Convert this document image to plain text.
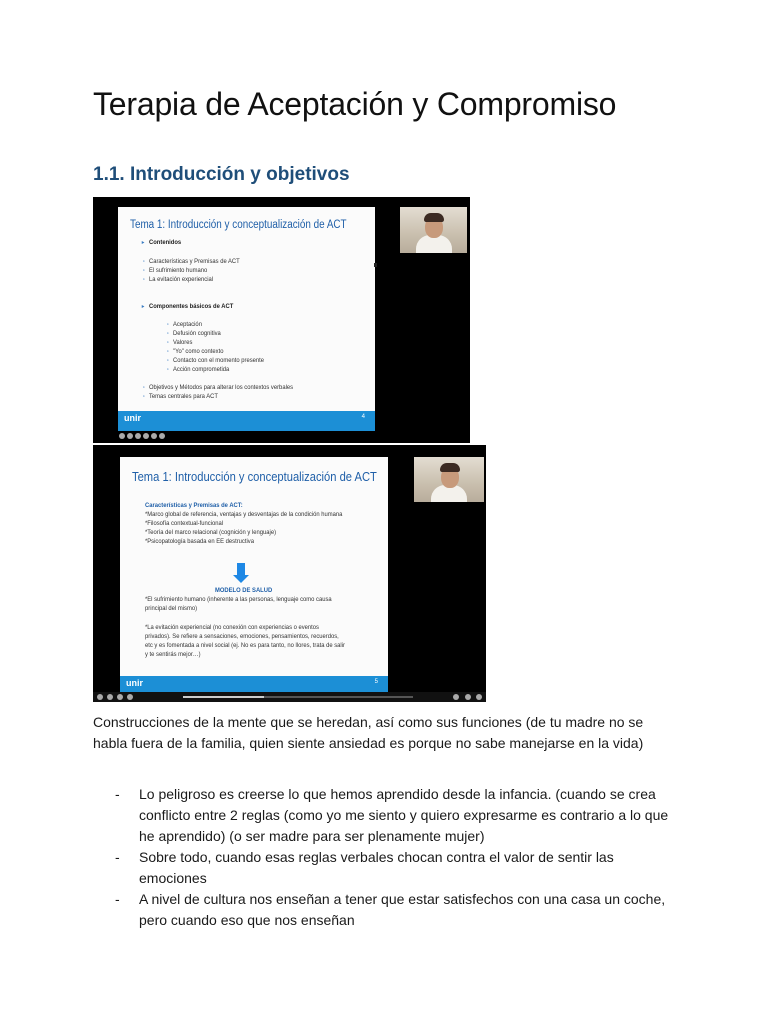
Terapia de Aceptación y Compromiso
1.1. Introducción y objetivos
Tema 1: Introducción y conceptualización de ACT
▸ Contenidos
▫ Características y Premisas de ACT
▫ El sufrimiento humano
▫ La evitación experiencial
▸ Componentes básicos de ACT
▫ Aceptación
▫ Defusión cognitiva
▫ Valores
▫ "Yo" como contexto
▫ Contacto con el momento presente
▫ Acción comprometida
▫ Objetivos y Métodos para alterar los contextos verbales
▫ Temas centrales para ACT
unir	4
Tema 1: Introducción y conceptualización de ACT
Características y Premisas de ACT:
*Marco global de referencia, ventajas y desventajas de la condición humana
*Filosofía contextual-funcional
*Teoría del marco relacional (cognición y lenguaje)
*Psicopatología basada en EE destructiva
MODELO DE SALUD
*El sufrimiento humano (inherente a las personas, lenguaje como causa
principal del mismo)
*La evitación experiencial (no conexión con experiencias o eventos
privados). Se refiere a sensaciones, emociones, pensamientos, recuerdos,
etc y es fomentada a nivel social (ej. No es para tanto, no llores, trata de salir
y te sentirás mejor…)
unir	5

Construcciones de la mente que se heredan, así como sus funciones (de tu madre no se habla fuera de la familia, quien siente ansiedad es porque no sabe manejarse en la vida)

- Lo peligroso es creerse lo que hemos aprendido desde la infancia. (cuando se crea conflicto entre 2 reglas (como yo me siento y quiero expresarme es contrario a lo que he aprendido) (o ser madre para ser plenamente mujer)
- Sobre todo, cuando esas reglas verbales chocan contra el valor de sentir las emociones
- A nivel de cultura nos enseñan a tener que estar satisfechos con una casa un coche, pero cuando eso que nos enseñan
